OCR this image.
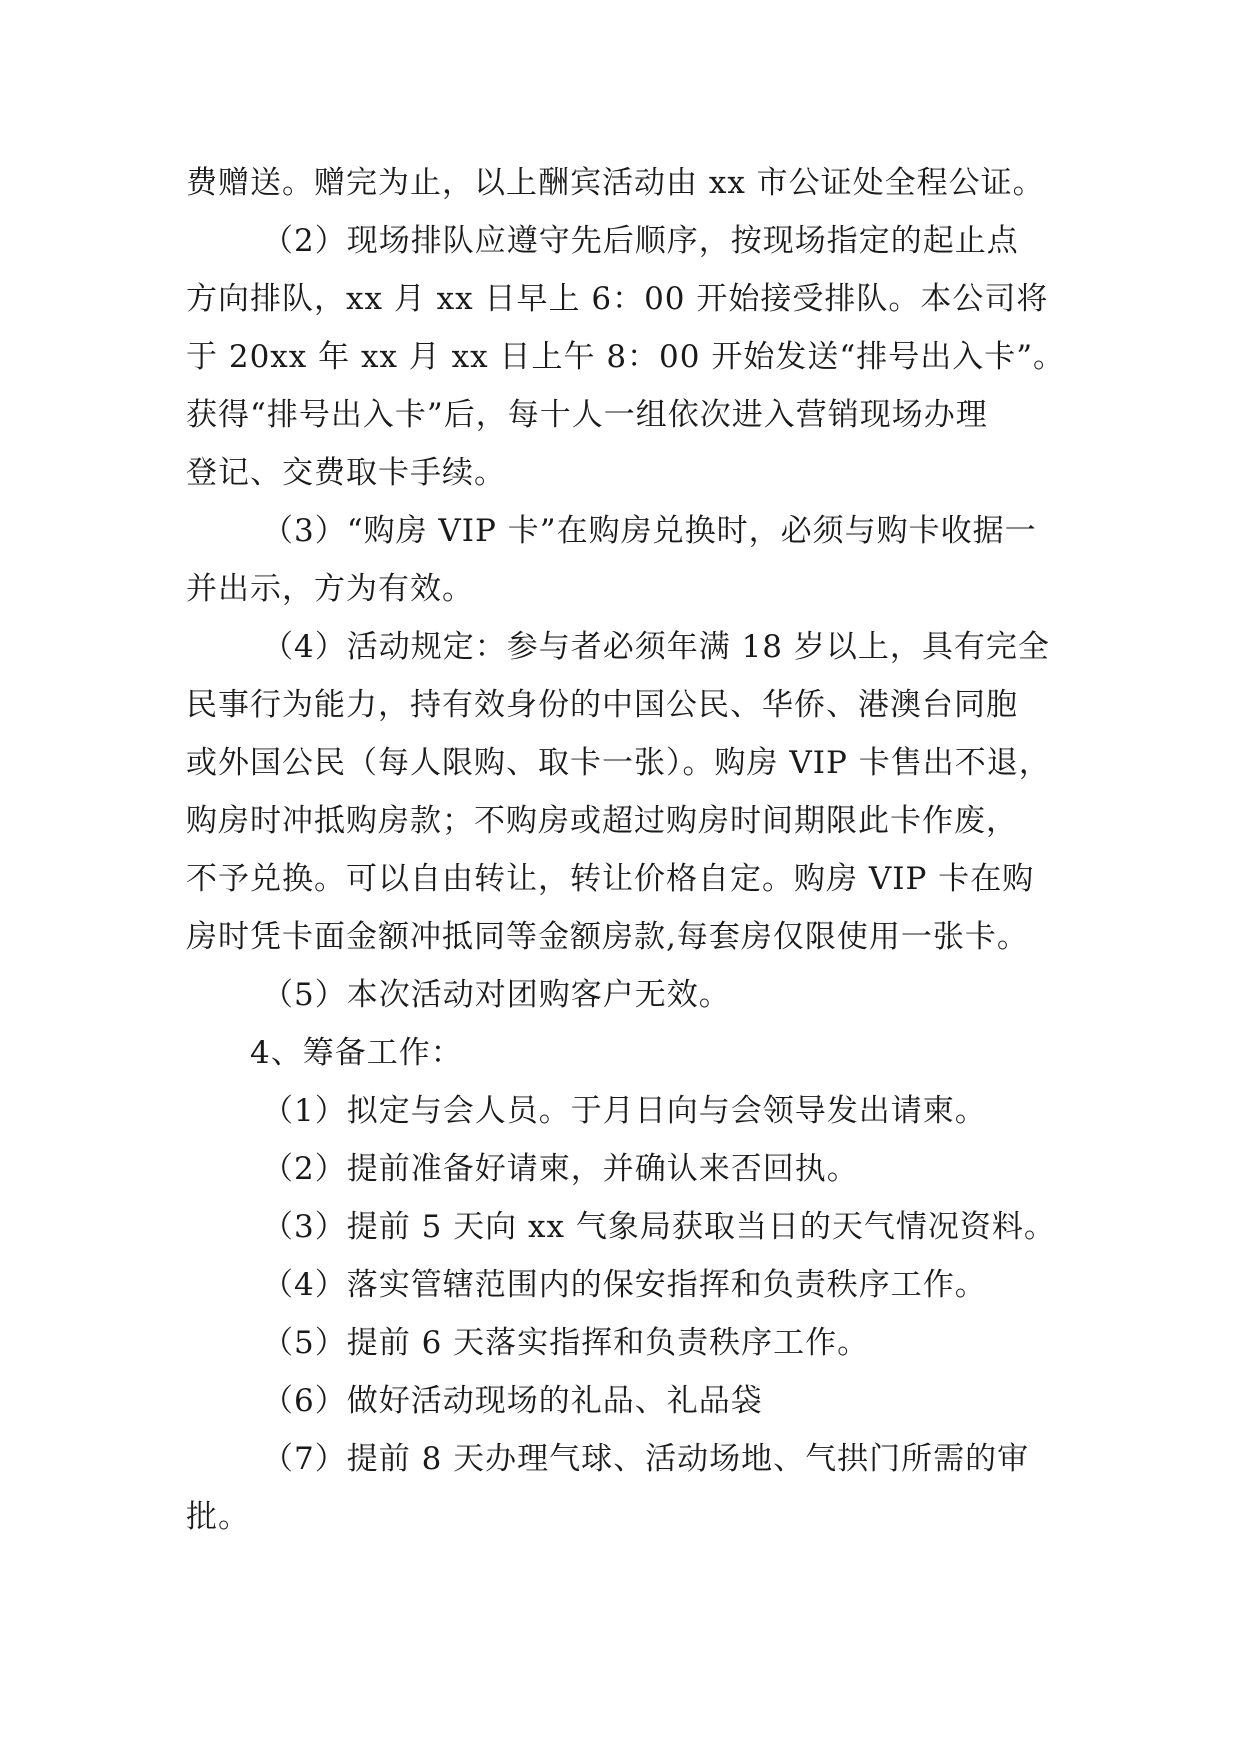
费赠送。赠完为止，以上酬宾活动由 xx 市公证处全程公证。
（2）现场排队应遵守先后顺序，按现场指定的起止点
方向排队，xx 月 xx 日早上 6：00 开始接受排队。本公司将
于 20xx 年 xx 月 xx 日上午 8：00 开始发送“排号出入卡”。
获得“排号出入卡”后，每十人一组依次进入营销现场办理
登记、交费取卡手续。
（3）“购房 VIP 卡”在购房兑换时，必须与购卡收据一
并出示，方为有效。
（4）活动规定：参与者必须年满 18 岁以上，具有完全
民事行为能力，持有效身份的中国公民、华侨、港澳台同胞
或外国公民（每人限购、取卡一张）。购房 VIP 卡售出不退，
购房时冲抵购房款；不购房或超过购房时间期限此卡作废，
不予兑换。可以自由转让，转让价格自定。购房 VIP 卡在购
房时凭卡面金额冲抵同等金额房款,每套房仅限使用一张卡。
（5）本次活动对团购客户无效。
4、筹备工作：
（1）拟定与会人员。于月日向与会领导发出请柬。
（2）提前准备好请柬，并确认来否回执。
（3）提前 5 天向 xx 气象局获取当日的天气情况资料。
（4）落实管辖范围内的保安指挥和负责秩序工作。
（5）提前 6 天落实指挥和负责秩序工作。
（6）做好活动现场的礼品、礼品袋
（7）提前 8 天办理气球、活动场地、气拱门所需的审
批。
